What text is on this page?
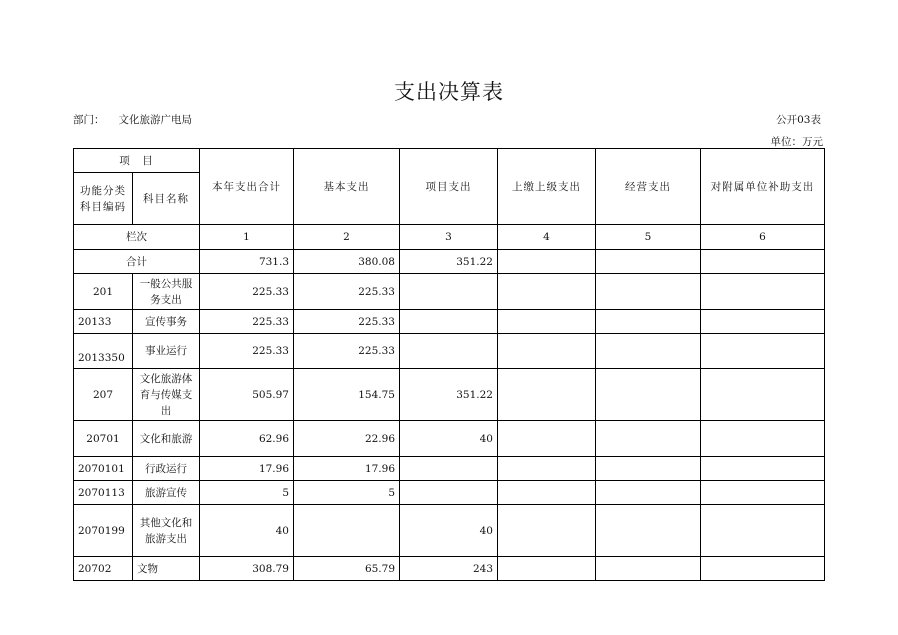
支出决算表
部门： 文化旅游广电局	公开03表
单位：万元
项　目		本年支出合计	基本支出	项目支出	上缴上级支出	经营支出	对附属单位补助支出
功能分类科目编码	科目名称						
栏次		1	2	3	4	5	6
合计		731.3	380.08	351.22			
201	一般公共服务支出	225.33	225.33				
20133	宣传事务	225.33	225.33				
2013350	事业运行	225.33	225.33				
207	文化旅游体育与传媒支出	505.97	154.75	351.22			
20701	文化和旅游	62.96	22.96	40			
2070101	行政运行	17.96	17.96				
2070113	旅游宣传	5	5				
2070199	其他文化和旅游支出	40		40			
20702	文物	308.79	65.79	243			
